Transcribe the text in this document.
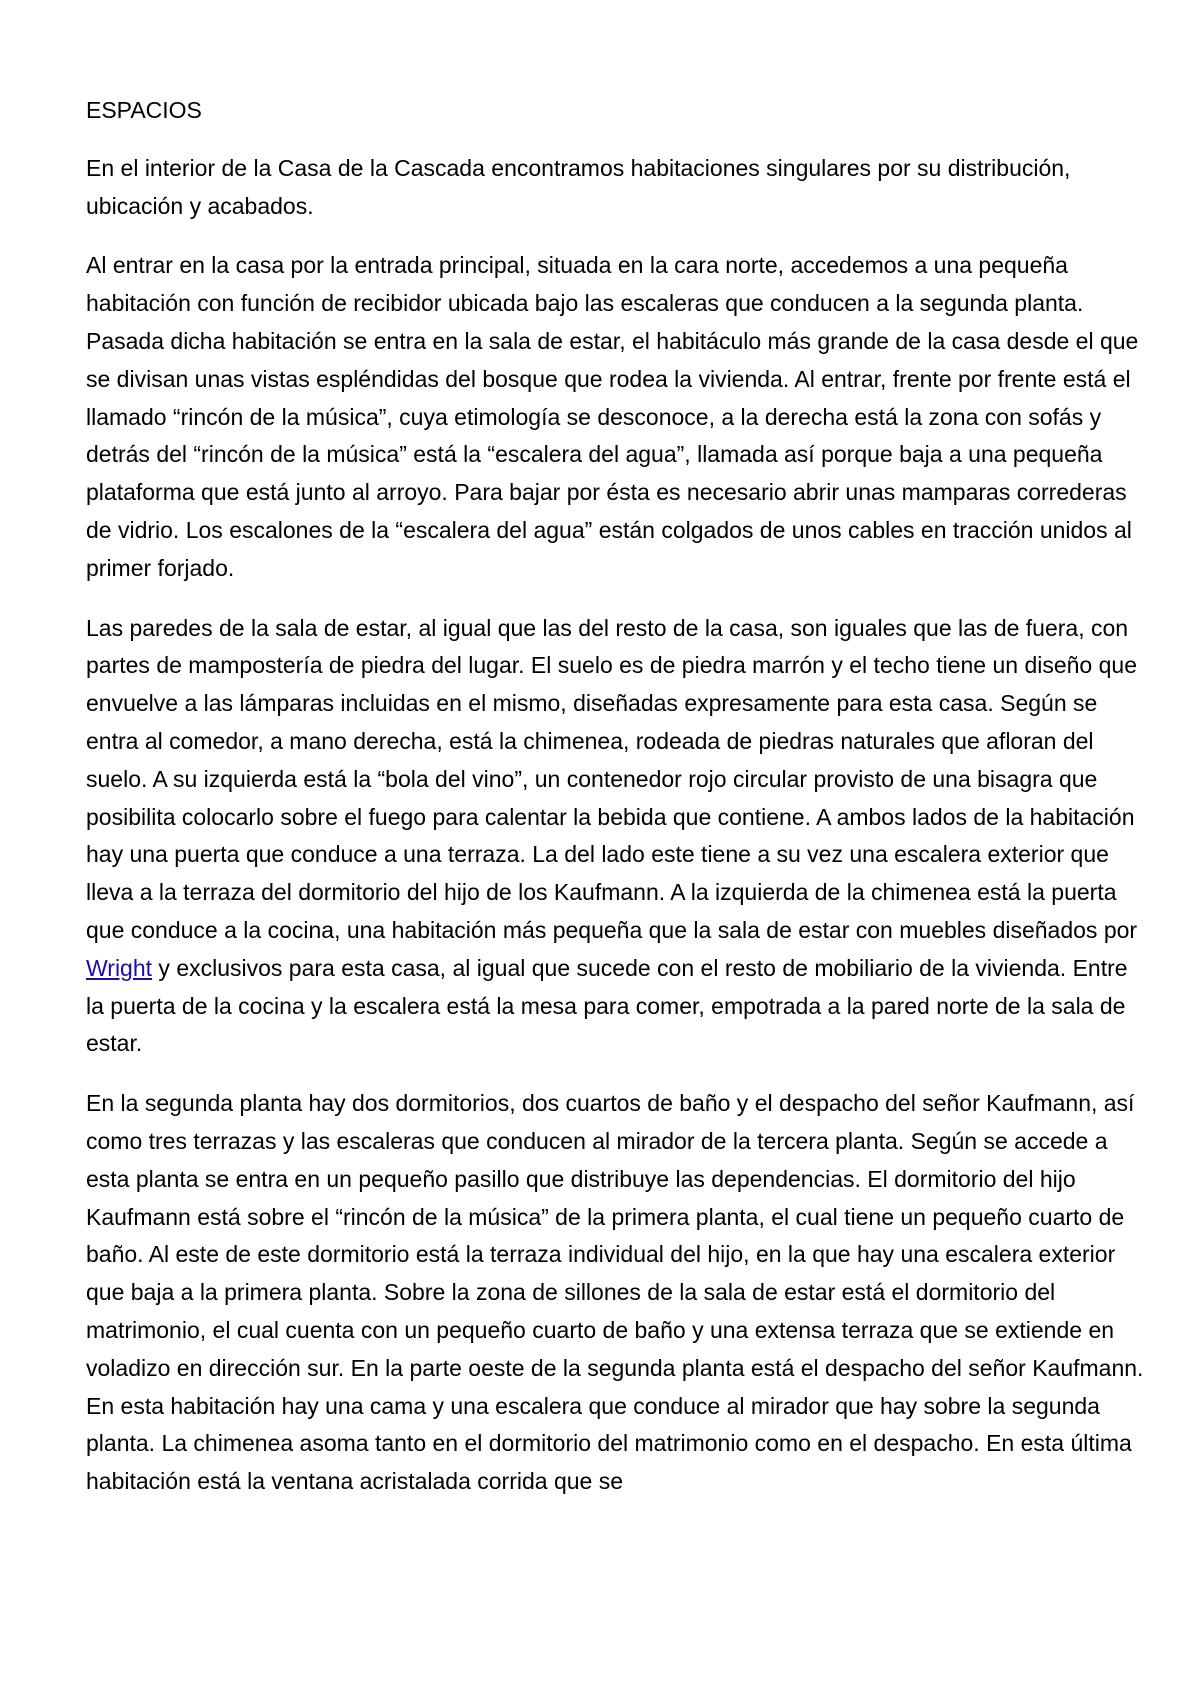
ESPACIOS

En el interior de la Casa de la Cascada encontramos habitaciones singulares por su distribución, ubicación y acabados.

Al entrar en la casa por la entrada principal, situada en la cara norte, accedemos a una pequeña habitación con función de recibidor ubicada bajo las escaleras que conducen a la segunda planta. Pasada dicha habitación se entra en la sala de estar, el habitáculo más grande de la casa desde el que se divisan unas vistas espléndidas del bosque que rodea la vivienda. Al entrar, frente por frente está el llamado “rincón de la música”, cuya etimología se desconoce, a la derecha está la zona con sofás y detrás del “rincón de la música” está la “escalera del agua”, llamada así porque baja a una pequeña plataforma que está junto al arroyo. Para bajar por ésta es necesario abrir unas mamparas correderas de vidrio. Los escalones de la “escalera del agua” están colgados de unos cables en tracción unidos al primer forjado.

Las paredes de la sala de estar, al igual que las del resto de la casa, son iguales que las de fuera, con partes de mampostería de piedra del lugar. El suelo es de piedra marrón y el techo tiene un diseño que envuelve a las lámparas incluidas en el mismo, diseñadas expresamente para esta casa. Según se entra al comedor, a mano derecha, está la chimenea, rodeada de piedras naturales que afloran del suelo. A su izquierda está la “bola del vino”, un contenedor rojo circular provisto de una bisagra que posibilita colocarlo sobre el fuego para calentar la bebida que contiene. A ambos lados de la habitación hay una puerta que conduce a una terraza. La del lado este tiene a su vez una escalera exterior que lleva a la terraza del dormitorio del hijo de los Kaufmann. A la izquierda de la chimenea está la puerta que conduce a la cocina, una habitación más pequeña que la sala de estar con muebles diseñados por Wright y exclusivos para esta casa, al igual que sucede con el resto de mobiliario de la vivienda. Entre la puerta de la cocina y la escalera está la mesa para comer, empotrada a la pared norte de la sala de estar.

En la segunda planta hay dos dormitorios, dos cuartos de baño y el despacho del señor Kaufmann, así como tres terrazas y las escaleras que conducen al mirador de la tercera planta. Según se accede a esta planta se entra en un pequeño pasillo que distribuye las dependencias. El dormitorio del hijo Kaufmann está sobre el “rincón de la música” de la primera planta, el cual tiene un pequeño cuarto de baño. Al este de este dormitorio está la terraza individual del hijo, en la que hay una escalera exterior que baja a la primera planta. Sobre la zona de sillones de la sala de estar está el dormitorio del matrimonio, el cual cuenta con un pequeño cuarto de baño y una extensa terraza que se extiende en voladizo en dirección sur. En la parte oeste de la segunda planta está el despacho del señor Kaufmann. En esta habitación hay una cama y una escalera que conduce al mirador que hay sobre la segunda planta. La chimenea asoma tanto en el dormitorio del matrimonio como en el despacho. En esta última habitación está la ventana acristalada corrida que se
